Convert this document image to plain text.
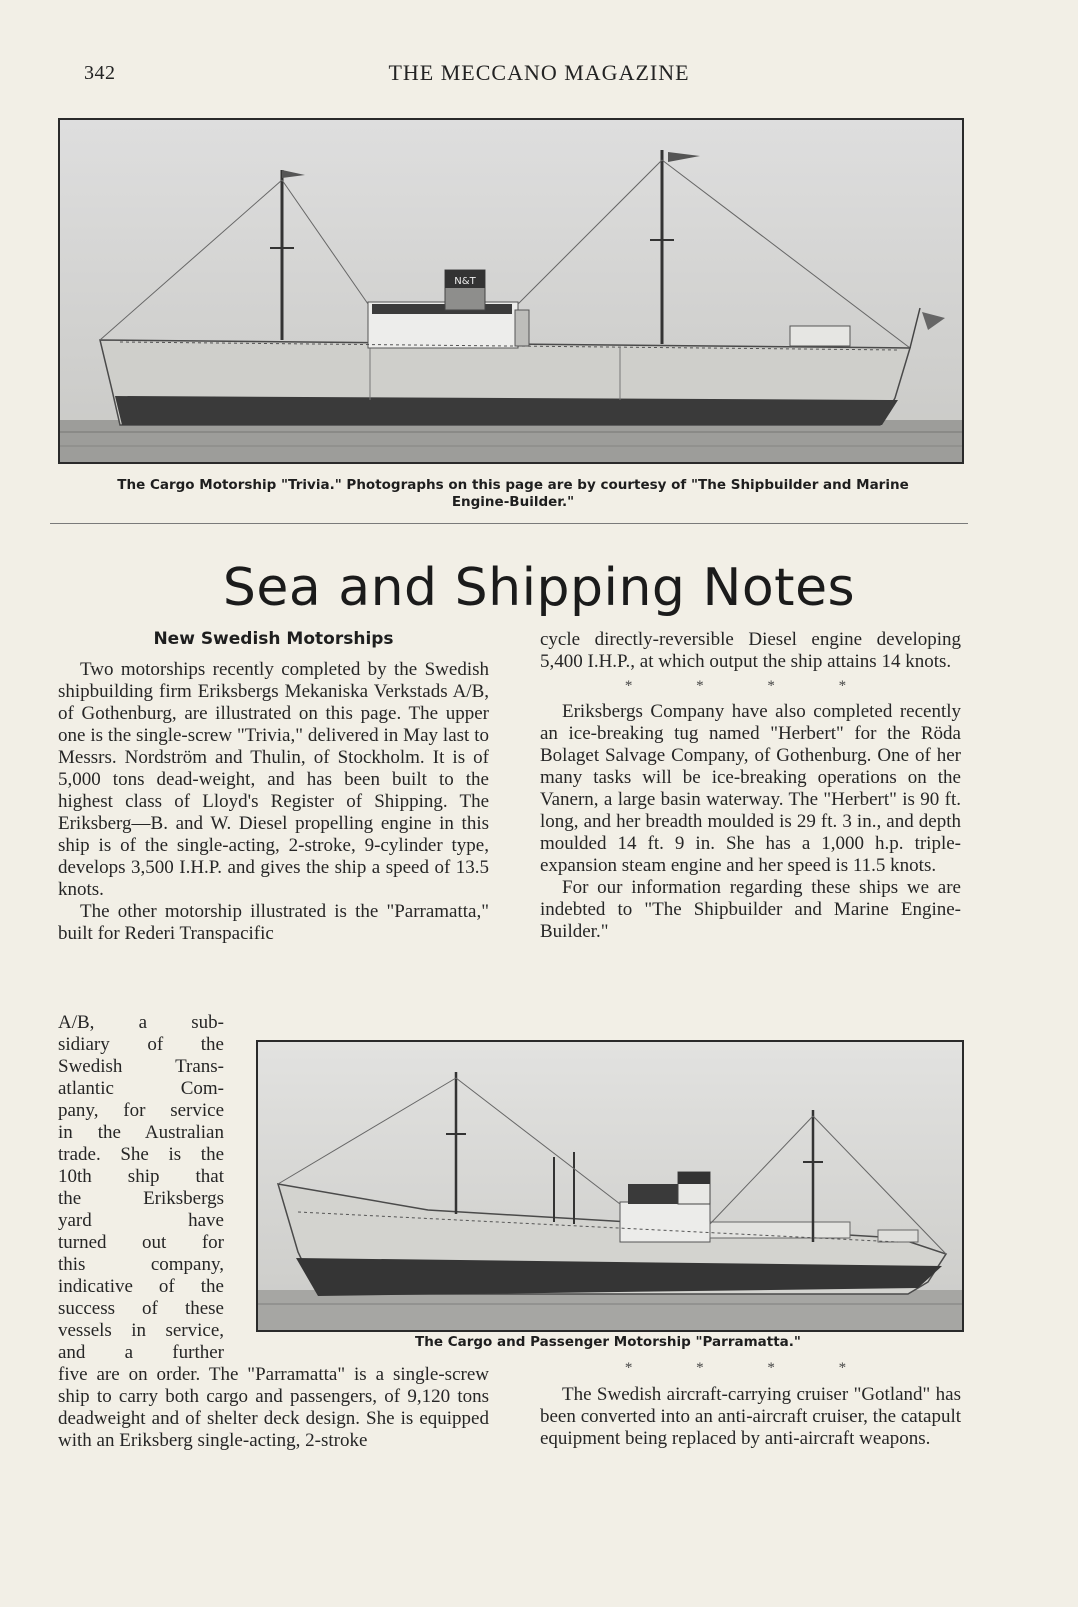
342	THE MECCANO MAGAZINE
N&T
The Cargo Motorship "Trivia." Photographs on this page are by courtesy of "The Shipbuilder and Marine
Engine-Builder."
Sea and Shipping Notes
New Swedish Motorships

Two motorships recently completed by the Swedish shipbuilding firm Eriksbergs Mekaniska Verkstads A/B, of Gothenburg, are illustrated on this page. The upper one is the single-screw "Trivia," delivered in May last to Messrs. Nordström and Thulin, of Stockholm. It is of 5,000 tons dead-weight, and has been built to the highest class of Lloyd's Register of Shipping. The Eriksberg—B. and W. Diesel propelling engine in this ship is of the single-acting, 2-stroke, 9-cylinder type, develops 3,500 I.H.P. and gives the ship a speed of 13.5 knots.

The other motorship illustrated is the "Parramatta," built for Rederi Transpacific

A/B, a sub-
sidiary of the
Swedish Trans-
atlantic Com-
pany, for service
in the Australian
trade. She is the
10th ship that
the Eriksbergs
yard have
turned out for
this company,
indicative of the
success of these
vessels in service,
and a further

five are on order. The "Parramatta" is a single-screw ship to carry both cargo and passengers, of 9,120 tons deadweight and of shelter deck design. She is equipped with an Eriksberg single-acting, 2-stroke

cycle directly-reversible Diesel engine developing 5,400 I.H.P., at which output the ship attains 14 knots.

* * * *

Eriksbergs Company have also completed recently an ice-breaking tug named "Herbert" for the Röda Bolaget Salvage Company, of Gothenburg. One of her many tasks will be ice-breaking operations on the Vanern, a large basin waterway. The "Herbert" is 90 ft. long, and her breadth moulded is 29 ft. 3 in., and depth moulded 14 ft. 9 in. She has a 1,000 h.p. triple-expansion steam engine and her speed is 11.5 knots.

For our information regarding these ships we are indebted to "The Shipbuilder and Marine Engine-Builder."

The Cargo and Passenger Motorship "Parramatta."
* * * *

The Swedish aircraft-carrying cruiser "Gotland" has been converted into an anti-aircraft cruiser, the catapult equipment being replaced by anti-aircraft weapons.
